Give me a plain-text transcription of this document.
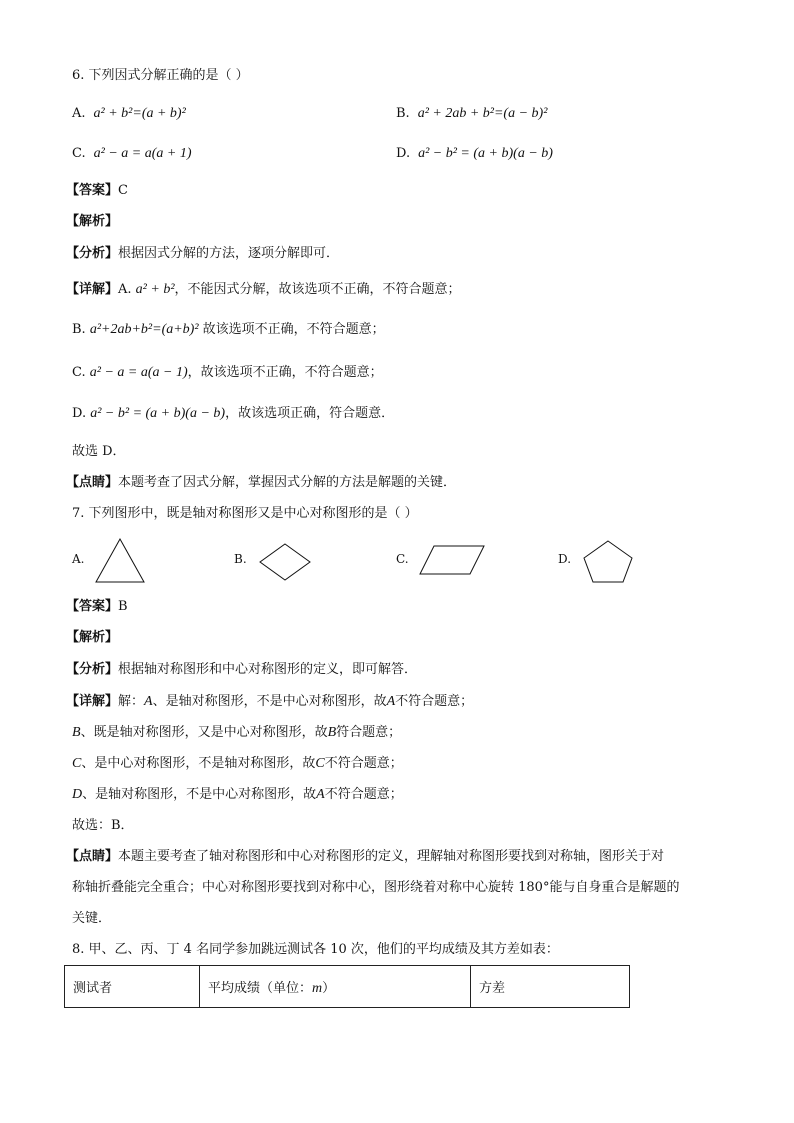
6. 下列因式分解正确的是（ ）
A. a² + b²=(a + b)²	B. a² + 2ab + b²=(a − b)²
C. a² − a = a(a + 1)	D. a² − b² = (a + b)(a − b)
【答案】C
【解析】
【分析】根据因式分解的方法，逐项分解即可．
【详解】A. a² + b²，不能因式分解，故该选项不正确，不符合题意；
B. a²+2ab+b²=(a+b)² 故该选项不正确，不符合题意；
C. a² − a = a(a − 1)，故该选项不正确，不符合题意；
D. a² − b² = (a + b)(a − b)，故该选项正确，符合题意．
故选 D．
【点睛】本题考查了因式分解，掌握因式分解的方法是解题的关键．
7. 下列图形中，既是轴对称图形又是中心对称图形的是（ ）
A.	B.	C.	D.
【答案】B
【解析】
【分析】根据轴对称图形和中心对称图形的定义，即可解答．
【详解】解：A、是轴对称图形，不是中心对称图形，故A不符合题意；
B、既是轴对称图形，又是中心对称图形，故B符合题意；
C、是中心对称图形，不是轴对称图形，故C不符合题意；
D、是轴对称图形，不是中心对称图形，故A不符合题意；
故选：B．
【点睛】本题主要考查了轴对称图形和中心对称图形的定义，理解轴对称图形要找到对称轴，图形关于对
称轴折叠能完全重合；中心对称图形要找到对称中心，图形绕着对称中心旋转 180°能与自身重合是解题的
关键．
8. 甲、乙、丙、丁 4 名同学参加跳远测试各 10 次，他们的平均成绩及其方差如表：
测试者	平均成绩（单位：m）	方差
